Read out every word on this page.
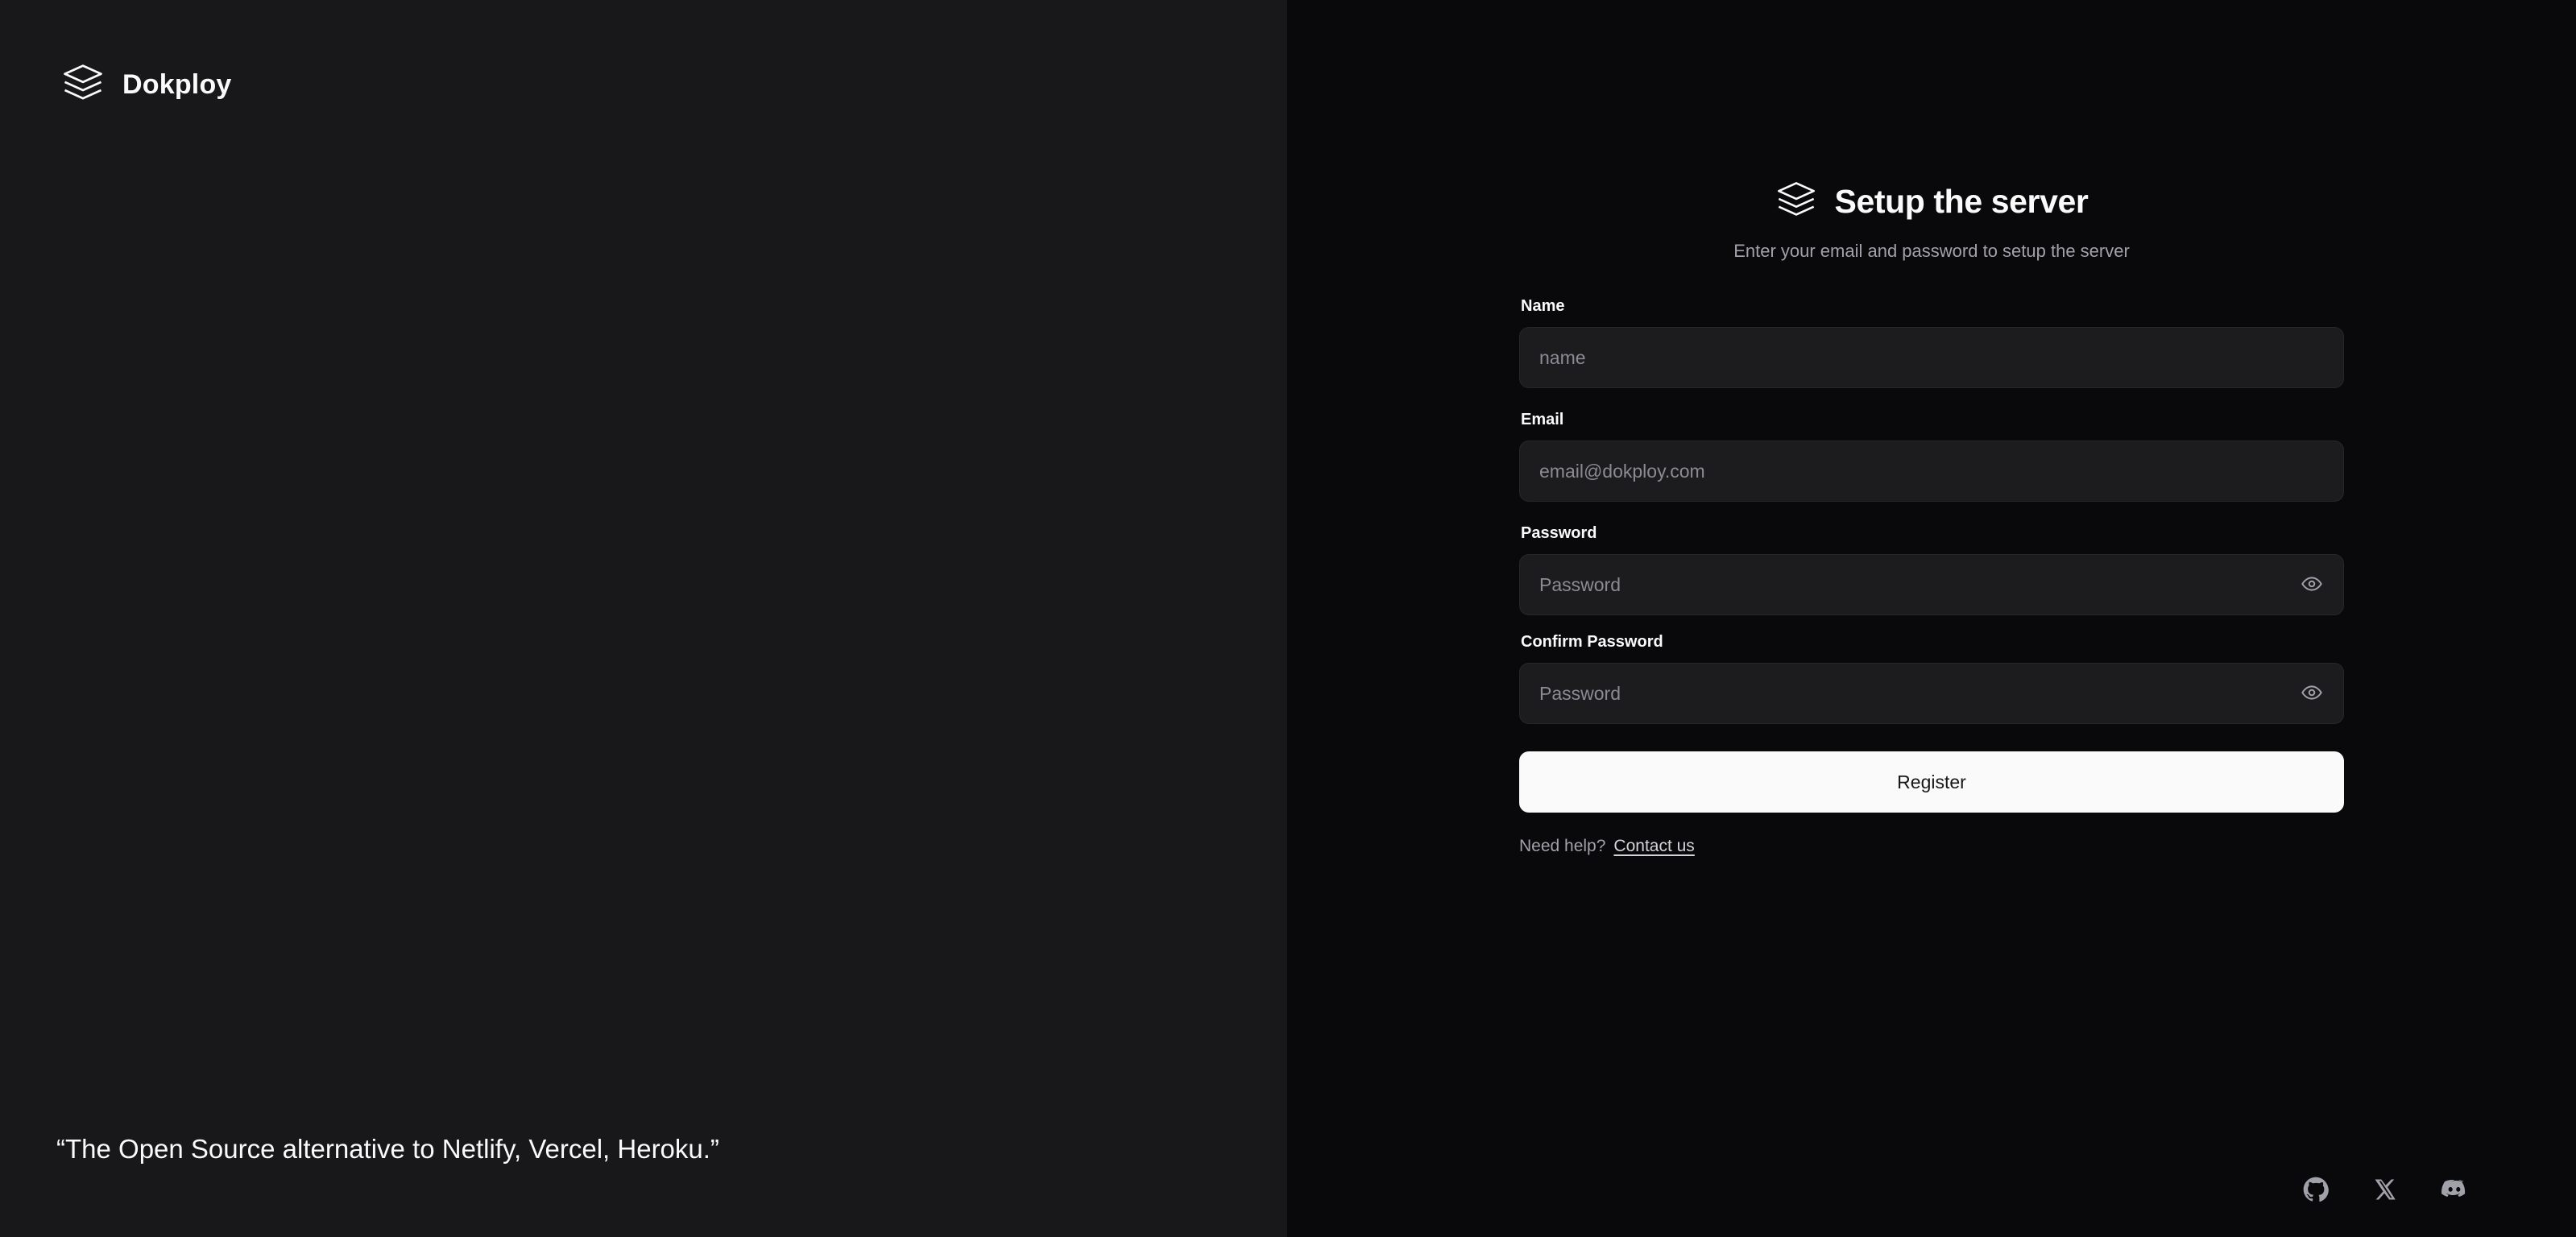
Dokploy

“The Open Source alternative to Netlify, Vercel, Heroku.”

Setup the server

Enter your email and password to setup the server

Name
name
Email
email@dokploy.com
Password
Confirm Password
Register
Need help? Contact us
